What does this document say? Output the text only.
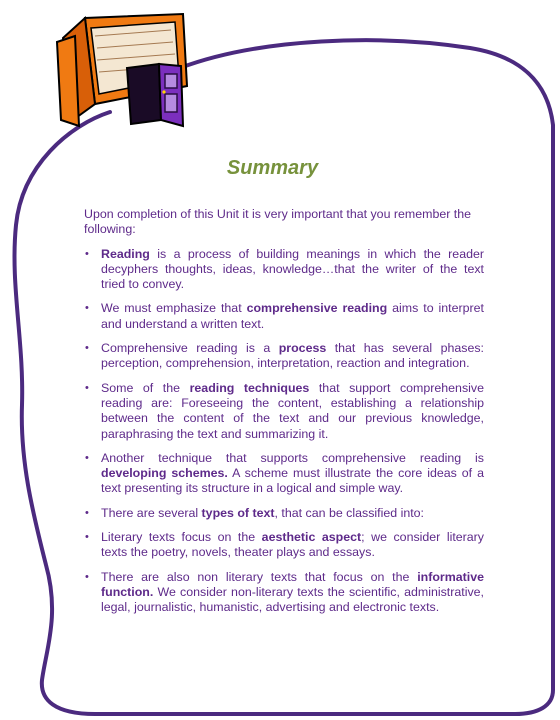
Summary

Upon completion of this Unit it is very important that you remember the following:

• Reading is a process of building meanings in which the reader decyphers thoughts, ideas, knowledge…that the writer of the text tried to convey.
• We must emphasize that comprehensive reading aims to interpret and understand a written text.
• Comprehensive reading is a process that has several phases: perception, comprehension, interpretation, reaction and integration.
• Some of the reading techniques that support comprehensive reading are: Foreseeing the content, establishing a relationship between the content of the text and our previous knowledge, paraphrasing the text and summarizing it.
• Another technique that supports comprehensive reading is developing schemes. A scheme must illustrate the core ideas of a text presenting its structure in a logical and simple way.
• There are several types of text, that can be classified into:
• Literary texts focus on the aesthetic aspect; we consider literary texts the poetry, novels, theater plays and essays.
• There are also non literary texts that focus on the informative function. We consider non-literary texts the scientific, administrative, legal, journalistic, humanistic, advertising and electronic texts.
